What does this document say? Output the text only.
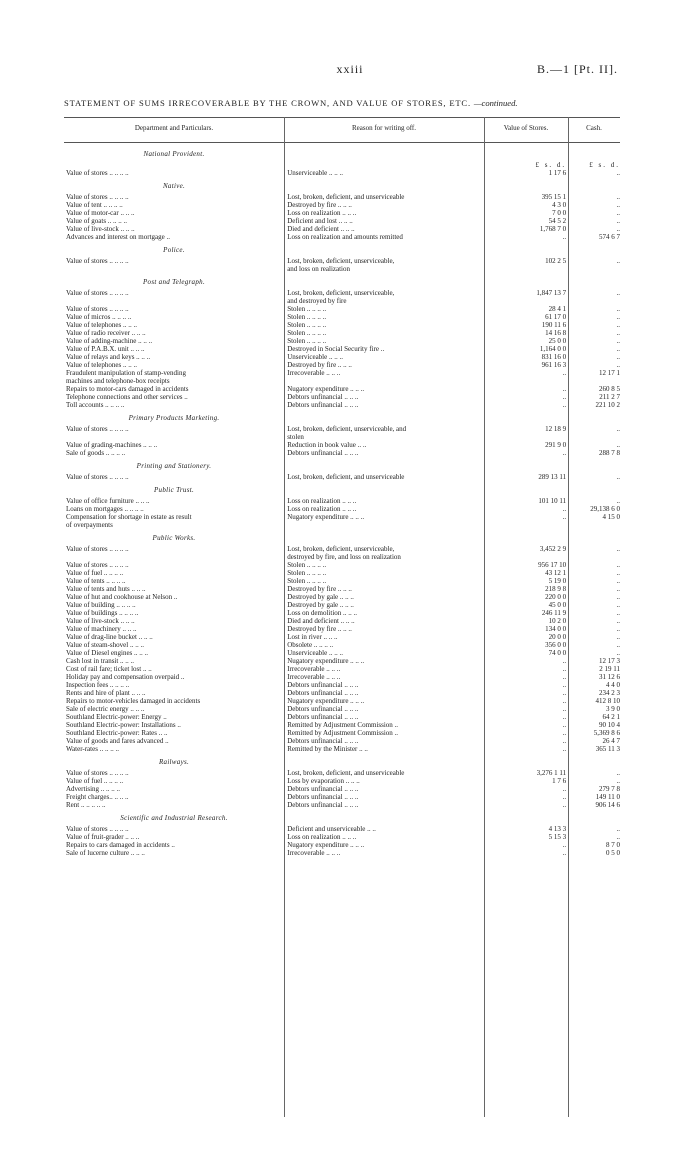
xxiii	B.—1 [Pt. II].
STATEMENT OF SUMS IRRECOVERABLE BY THE CROWN, AND VALUE OF STORES, ETC. —continued.
Department and Particulars.	Reason for writing off.	Value of Stores.	Cash.
National Provident.
£ s. d.	£ s. d.
Value of stores .. .. .. ..	Unserviceable .. .. ..	1 17 6	..
Native.
Value of stores .. .. .. ..	Lost, broken, deficient, and unserviceable	395 15 1	..
Value of tent .. .. .. ..	Destroyed by fire .. .. ..	4 3 0	..
Value of motor-car .. .. ..	Loss on realization .. .. ..	7 0 0	..
Value of goats .. .. .. ..	Deficient and lost .. .. ..	54 5 2	..
Value of live-stock .. .. ..	Died and deficient .. .. ..	1,768 7 0	..
Advances and interest on mortgage ..	Loss on realization and amounts remitted	..	574 6 7
Police.
Value of stores .. .. .. ..	Lost, broken, deficient, unserviceable,	102 2 5	..
and loss on realization
Post and Telegraph.
Value of stores .. .. .. ..	Lost, broken, deficient, unserviceable,	1,847 13 7	..
and destroyed by fire
Value of stores .. .. .. ..	Stolen .. .. .. ..	28 4 1	..
Value of micros .. .. .. ..	Stolen .. .. .. ..	61 17 0	..
Value of telephones .. .. ..	Stolen .. .. .. ..	190 11 6	..
Value of radio receiver .. .. ..	Stolen .. .. .. ..	14 16 8	..
Value of adding-machine .. .. ..	Stolen .. .. .. ..	25 0 0	..
Value of P.A.B.X. unit .. .. ..	Destroyed in Social Security fire ..	1,164 0 0	..
Value of relays and keys .. .. ..	Unserviceable .. .. ..	831 16 0	..
Value of telephones .. .. ..	Destroyed by fire .. .. ..	961 16 3	..
Fraudulent manipulation of stamp-vending	Irrecoverable .. .. ..	..	12 17 1
machines and telephone-box receipts
Repairs to motor-cars damaged in accidents	Nugatory expenditure .. .. ..	..	260 8 5
Telephone connections and other services ..	Debtors unfinancial .. .. ..	..	211 2 7
Toll accounts .. .. .. ..	Debtors unfinancial .. .. ..	..	221 10 2
Primary Products Marketing.
Value of stores .. .. .. ..	Lost, broken, deficient, unserviceable, and	12 18 9	..
stolen
Value of grading-machines .. .. ..	Reduction in book value .. ..	291 9 0	..
Sale of goods .. .. .. ..	Debtors unfinancial .. .. ..	..	288 7 8
Printing and Stationery.
Value of stores .. .. .. ..	Lost, broken, deficient, and unserviceable	289 13 11	..
Public Trust.
Value of office furniture .. .. ..	Loss on realization .. .. ..	101 10 11	..
Loans on mortgages .. .. .. ..	Loss on realization .. .. ..	..	29,138 6 0
Compensation for shortage in estate as result	Nugatory expenditure .. .. ..	..	4 15 0
of overpayments
Public Works.
Value of stores .. .. .. ..	Lost, broken, deficient, unserviceable,	3,452 2 9	..
destroyed by fire, and loss on realization
Value of stores .. .. .. ..	Stolen .. .. .. ..	956 17 10	..
Value of fuel .. .. .. ..	Stolen .. .. .. ..	43 12 1	..
Value of tents .. .. .. ..	Stolen .. .. .. ..	5 19 0	..
Value of tents and huts .. .. ..	Destroyed by fire .. .. ..	218 9 8	..
Value of hut and cookhouse at Nelson ..	Destroyed by gale .. .. ..	220 0 0	..
Value of building .. .. .. ..	Destroyed by gale .. .. ..	45 0 0	..
Value of buildings .. .. .. ..	Loss on demolition .. .. ..	246 11 9	..
Value of live-stock .. .. ..	Died and deficient .. .. ..	10 2 0	..
Value of machinery .. .. ..	Destroyed by fire .. .. ..	134 0 0	..
Value of drag-line bucket .. .. ..	Lost in river .. .. ..	20 0 0	..
Value of steam-shovel .. .. ..	Obsolete .. .. .. ..	356 0 0	..
Value of Diesel engines .. .. ..	Unserviceable .. .. ..	74 0 0	..
Cash lost in transit .. .. ..	Nugatory expenditure .. .. ..	..	12 17 3
Cost of rail fare; ticket lost .. ..	Irrecoverable .. .. ..	..	2 19 11
Holiday pay and compensation overpaid ..	Irrecoverable .. .. ..	..	31 12 6
Inspection fees .. .. .. ..	Debtors unfinancial .. .. ..	..	4 4 0
Rents and hire of plant .. .. ..	Debtors unfinancial .. .. ..	..	234 2 3
Repairs to motor-vehicles damaged in accidents	Nugatory expenditure .. .. ..	..	412 8 10
Sale of electric energy .. .. ..	Debtors unfinancial .. .. ..	..	3 9 0
Southland Electric-power: Energy ..	Debtors unfinancial .. .. ..	..	64 2 1
Southland Electric-power: Installations ..	Remitted by Adjustment Commission ..	..	90 10 4
Southland Electric-power: Rates .. ..	Remitted by Adjustment Commission ..	..	5,369 8 6
Value of goods and fares advanced ..	Debtors unfinancial .. .. ..	..	26 4 7
Water-rates .. .. .. ..	Remitted by the Minister .. ..	..	365 11 3
Railways.
Value of stores .. .. .. ..	Lost, broken, deficient, and unserviceable	3,276 1 11	..
Value of fuel .. .. .. ..	Loss by evaporation .. .. ..	1 7 6	..
Advertising .. .. .. ..	Debtors unfinancial .. .. ..	..	279 7 8
Freight charges.. .. .. ..	Debtors unfinancial .. .. ..	..	149 11 0
Rent .. .. .. .. ..	Debtors unfinancial .. .. ..	..	906 14 6
Scientific and Industrial Research.
Value of stores .. .. .. ..	Deficient and unserviceable .. ..	4 13 3	..
Value of fruit-grader .. .. ..	Loss on realization .. .. ..	5 15 3	..
Repairs to cars damaged in accidents ..	Nugatory expenditure .. .. ..	..	8 7 0
Sale of lucerne culture .. .. ..	Irrecoverable .. .. ..	..	0 5 0
